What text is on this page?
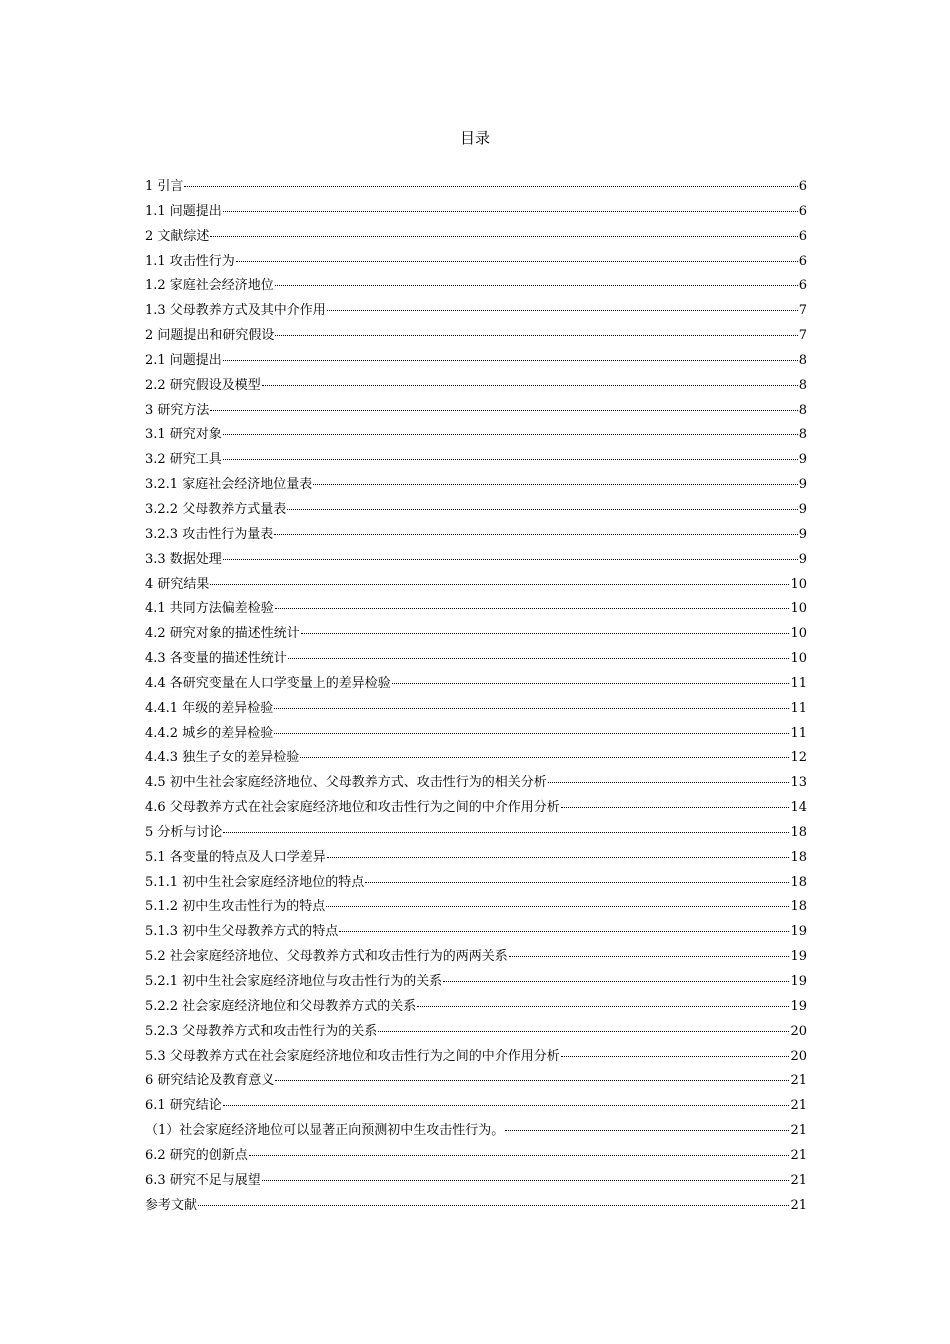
目录
1 引言	6
1.1 问题提出	6
2 文献综述	6
1.1 攻击性行为	6
1.2 家庭社会经济地位	6
1.3 父母教养方式及其中介作用	7
2 问题提出和研究假设	7
2.1 问题提出	8
2.2 研究假设及模型	8
3 研究方法	8
3.1 研究对象	8
3.2 研究工具	9
3.2.1 家庭社会经济地位量表	9
3.2.2 父母教养方式量表	9
3.2.3 攻击性行为量表	9
3.3 数据处理	9
4 研究结果	10
4.1 共同方法偏差检验	10
4.2 研究对象的描述性统计	10
4.3 各变量的描述性统计	10
4.4 各研究变量在人口学变量上的差异检验	11
4.4.1 年级的差异检验	11
4.4.2 城乡的差异检验	11
4.4.3 独生子女的差异检验	12
4.5 初中生社会家庭经济地位、父母教养方式、攻击性行为的相关分析	13
4.6 父母教养方式在社会家庭经济地位和攻击性行为之间的中介作用分析	14
5 分析与讨论	18
5.1 各变量的特点及人口学差异	18
5.1.1 初中生社会家庭经济地位的特点	18
5.1.2 初中生攻击性行为的特点	18
5.1.3 初中生父母教养方式的特点	19
5.2 社会家庭经济地位、父母教养方式和攻击性行为的两两关系	19
5.2.1 初中生社会家庭经济地位与攻击性行为的关系	19
5.2.2 社会家庭经济地位和父母教养方式的关系	19
5.2.3 父母教养方式和攻击性行为的关系	20
5.3 父母教养方式在社会家庭经济地位和攻击性行为之间的中介作用分析	20
6 研究结论及教育意义	21
6.1 研究结论	21
（1）社会家庭经济地位可以显著正向预测初中生攻击性行为。	21
6.2 研究的创新点	21
6.3 研究不足与展望	21
参考文献	21
